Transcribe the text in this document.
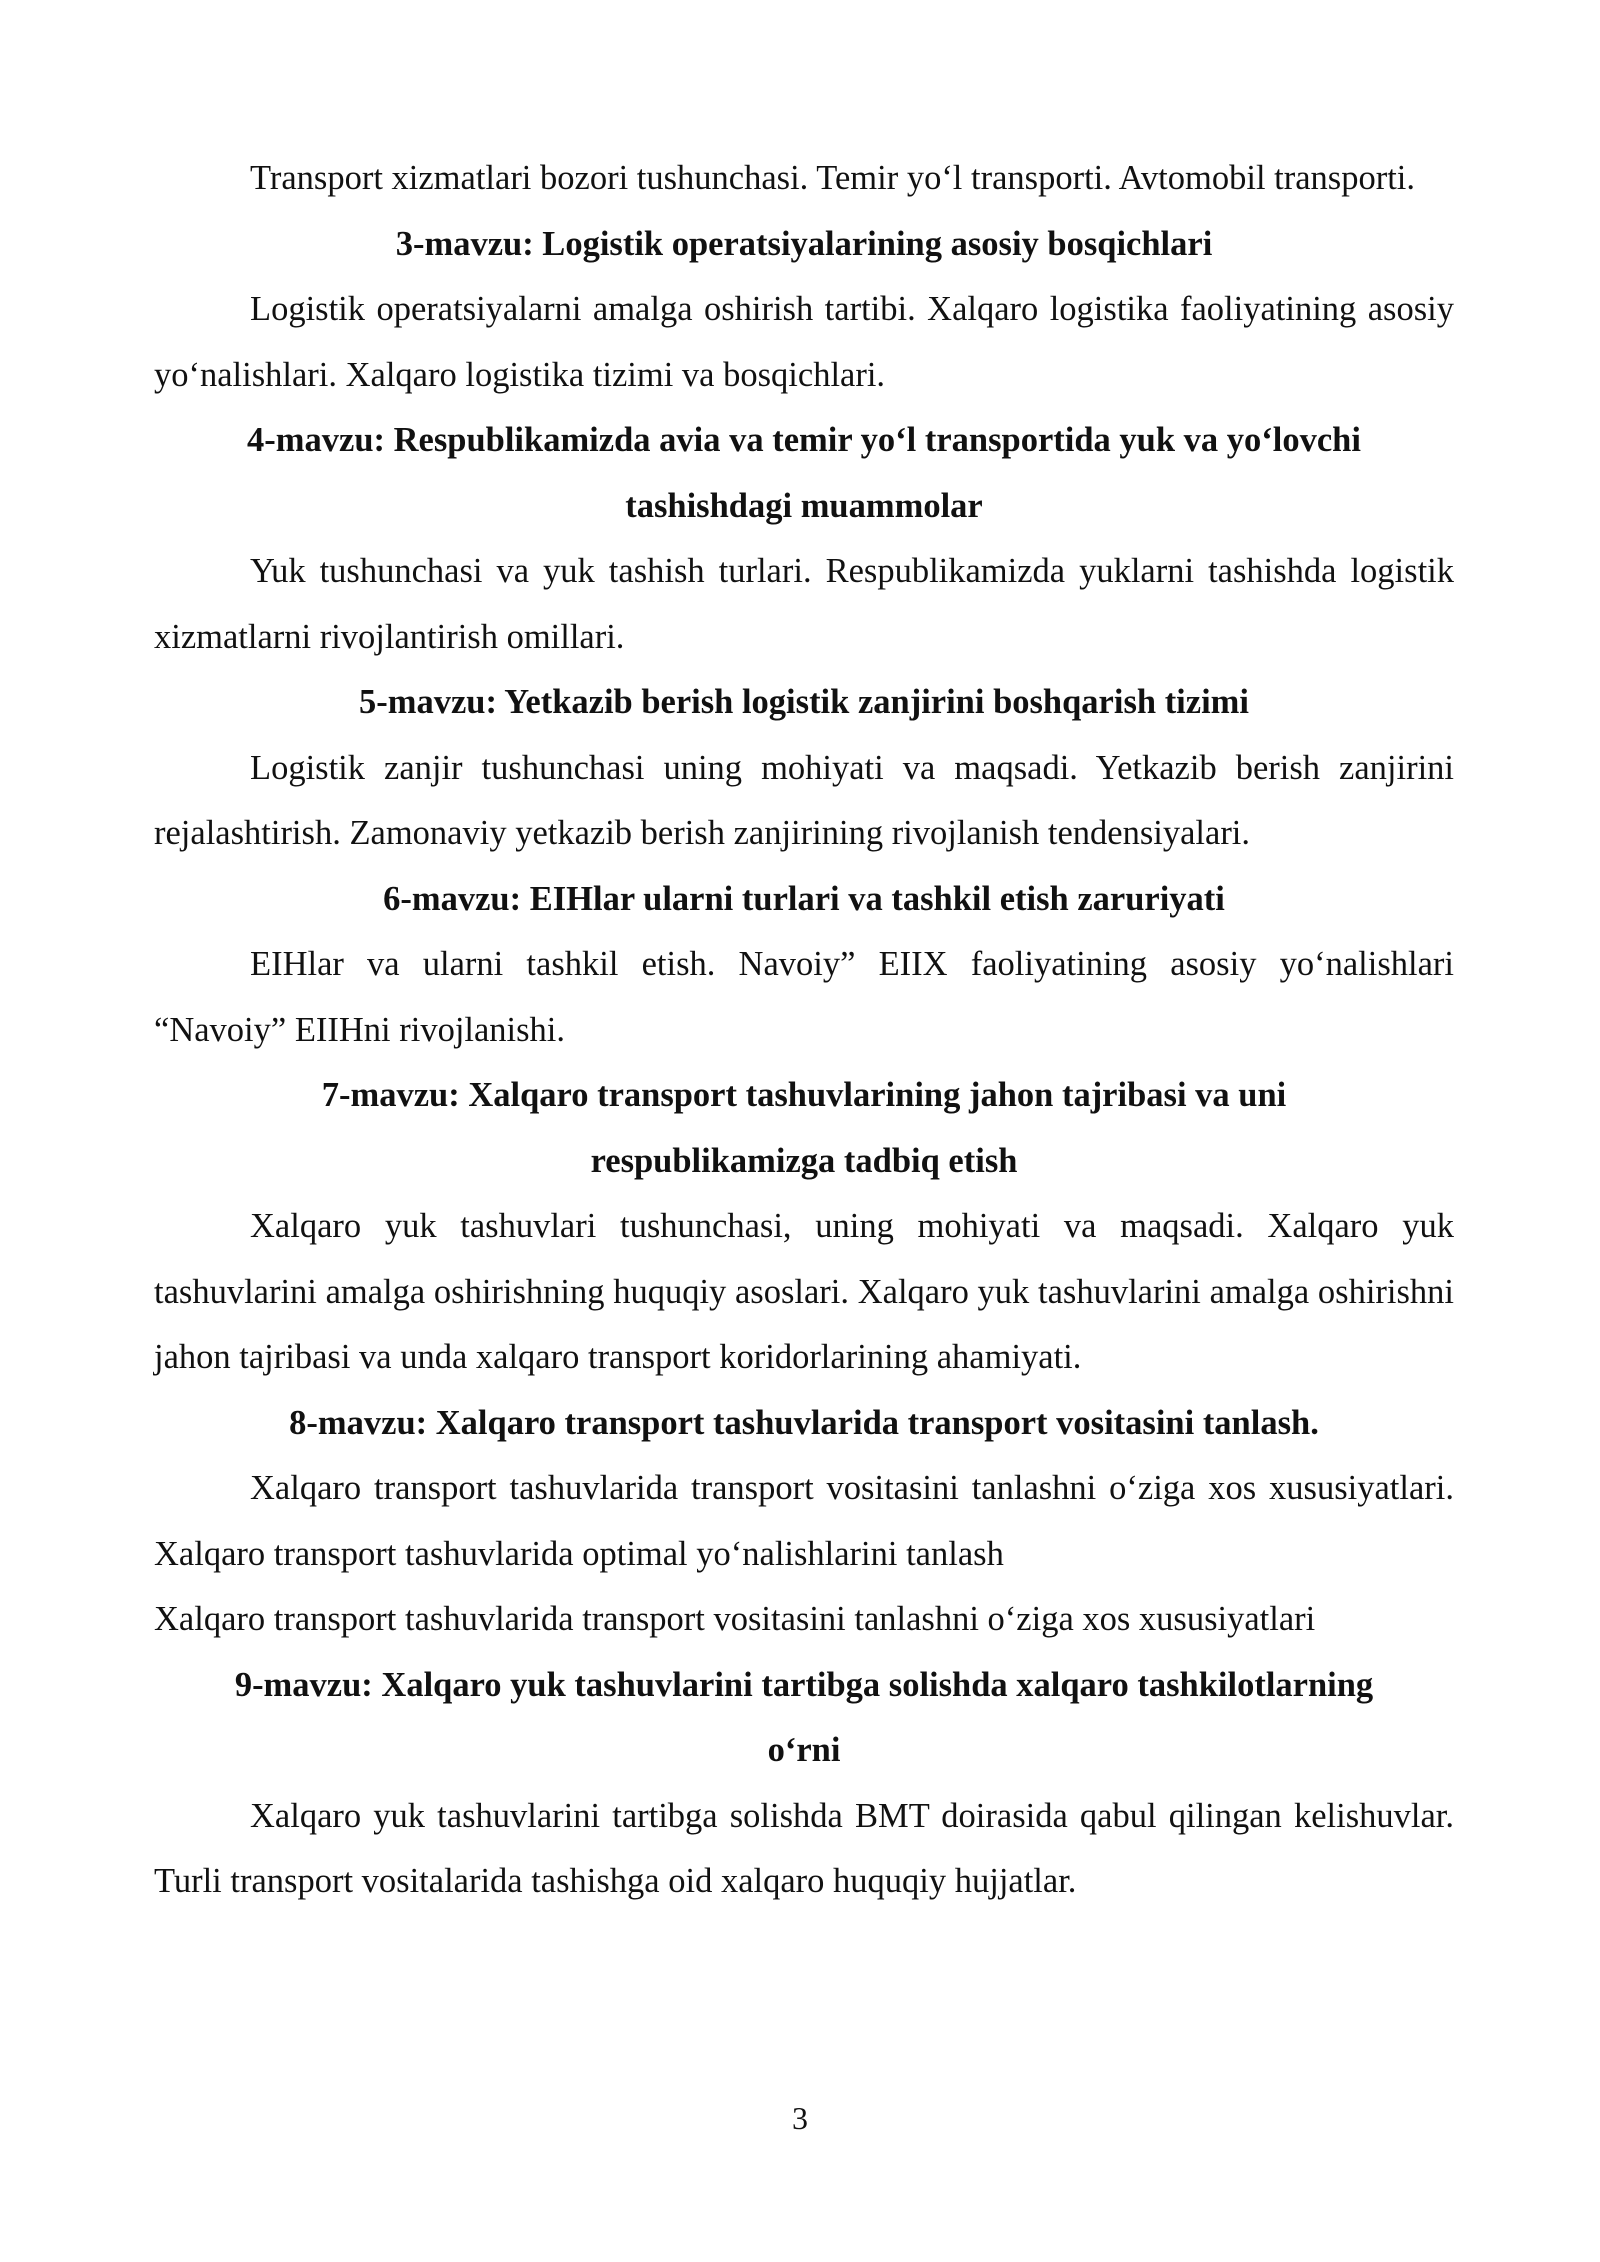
Transport xizmatlari bozori tushunchasi. Temir yo‘l transporti. Avtomobil transporti.

3-mavzu: Logistik operatsiyalarining asosiy bosqichlari

Logistik operatsiyalarni amalga oshirish tartibi. Xalqaro logistika faoliyatining asosiy yo‘nalishlari. Xalqaro logistika tizimi va bosqichlari.

4-mavzu: Respublikamizda avia va temir yo‘l transportida yuk va yo‘lovchi

tashishdagi muammolar

Yuk tushunchasi va yuk tashish turlari. Respublikamizda yuklarni tashishda logistik xizmatlarni rivojlantirish omillari.

5-mavzu: Yetkazib berish logistik zanjirini boshqarish tizimi

Logistik zanjir tushunchasi uning mohiyati va maqsadi. Yetkazib berish zanjirini rejalashtirish. Zamonaviy yetkazib berish zanjirining rivojlanish tendensiyalari.

6-mavzu: EIHlar ularni turlari va tashkil etish zaruriyati

EIHlar va ularni tashkil etish. Navoiy” EIIX faoliyatining asosiy yo‘nalishlari “Navoiy” EIIHni rivojlanishi.

7-mavzu: Xalqaro transport tashuvlarining jahon tajribasi va uni

respublikamizga tadbiq etish

Xalqaro yuk tashuvlari tushunchasi, uning mohiyati va maqsadi. Xalqaro yuk tashuvlarini amalga oshirishning huquqiy asoslari. Xalqaro yuk tashuvlarini amalga oshirishni jahon tajribasi va unda xalqaro transport koridorlarining ahamiyati.

8-mavzu: Xalqaro transport tashuvlarida transport vositasini tanlash.

Xalqaro transport tashuvlarida transport vositasini tanlashni o‘ziga xos xususiyatlari. Xalqaro transport tashuvlarida optimal yo‘nalishlarini tanlash

Xalqaro transport tashuvlarida transport vositasini tanlashni o‘ziga xos xususiyatlari

9-mavzu: Xalqaro yuk tashuvlarini tartibga solishda xalqaro tashkilotlarning

o‘rni

Xalqaro yuk tashuvlarini tartibga solishda BMT doirasida qabul qilingan kelishuvlar. Turli transport vositalarida tashishga oid xalqaro huquqiy hujjatlar.

3
